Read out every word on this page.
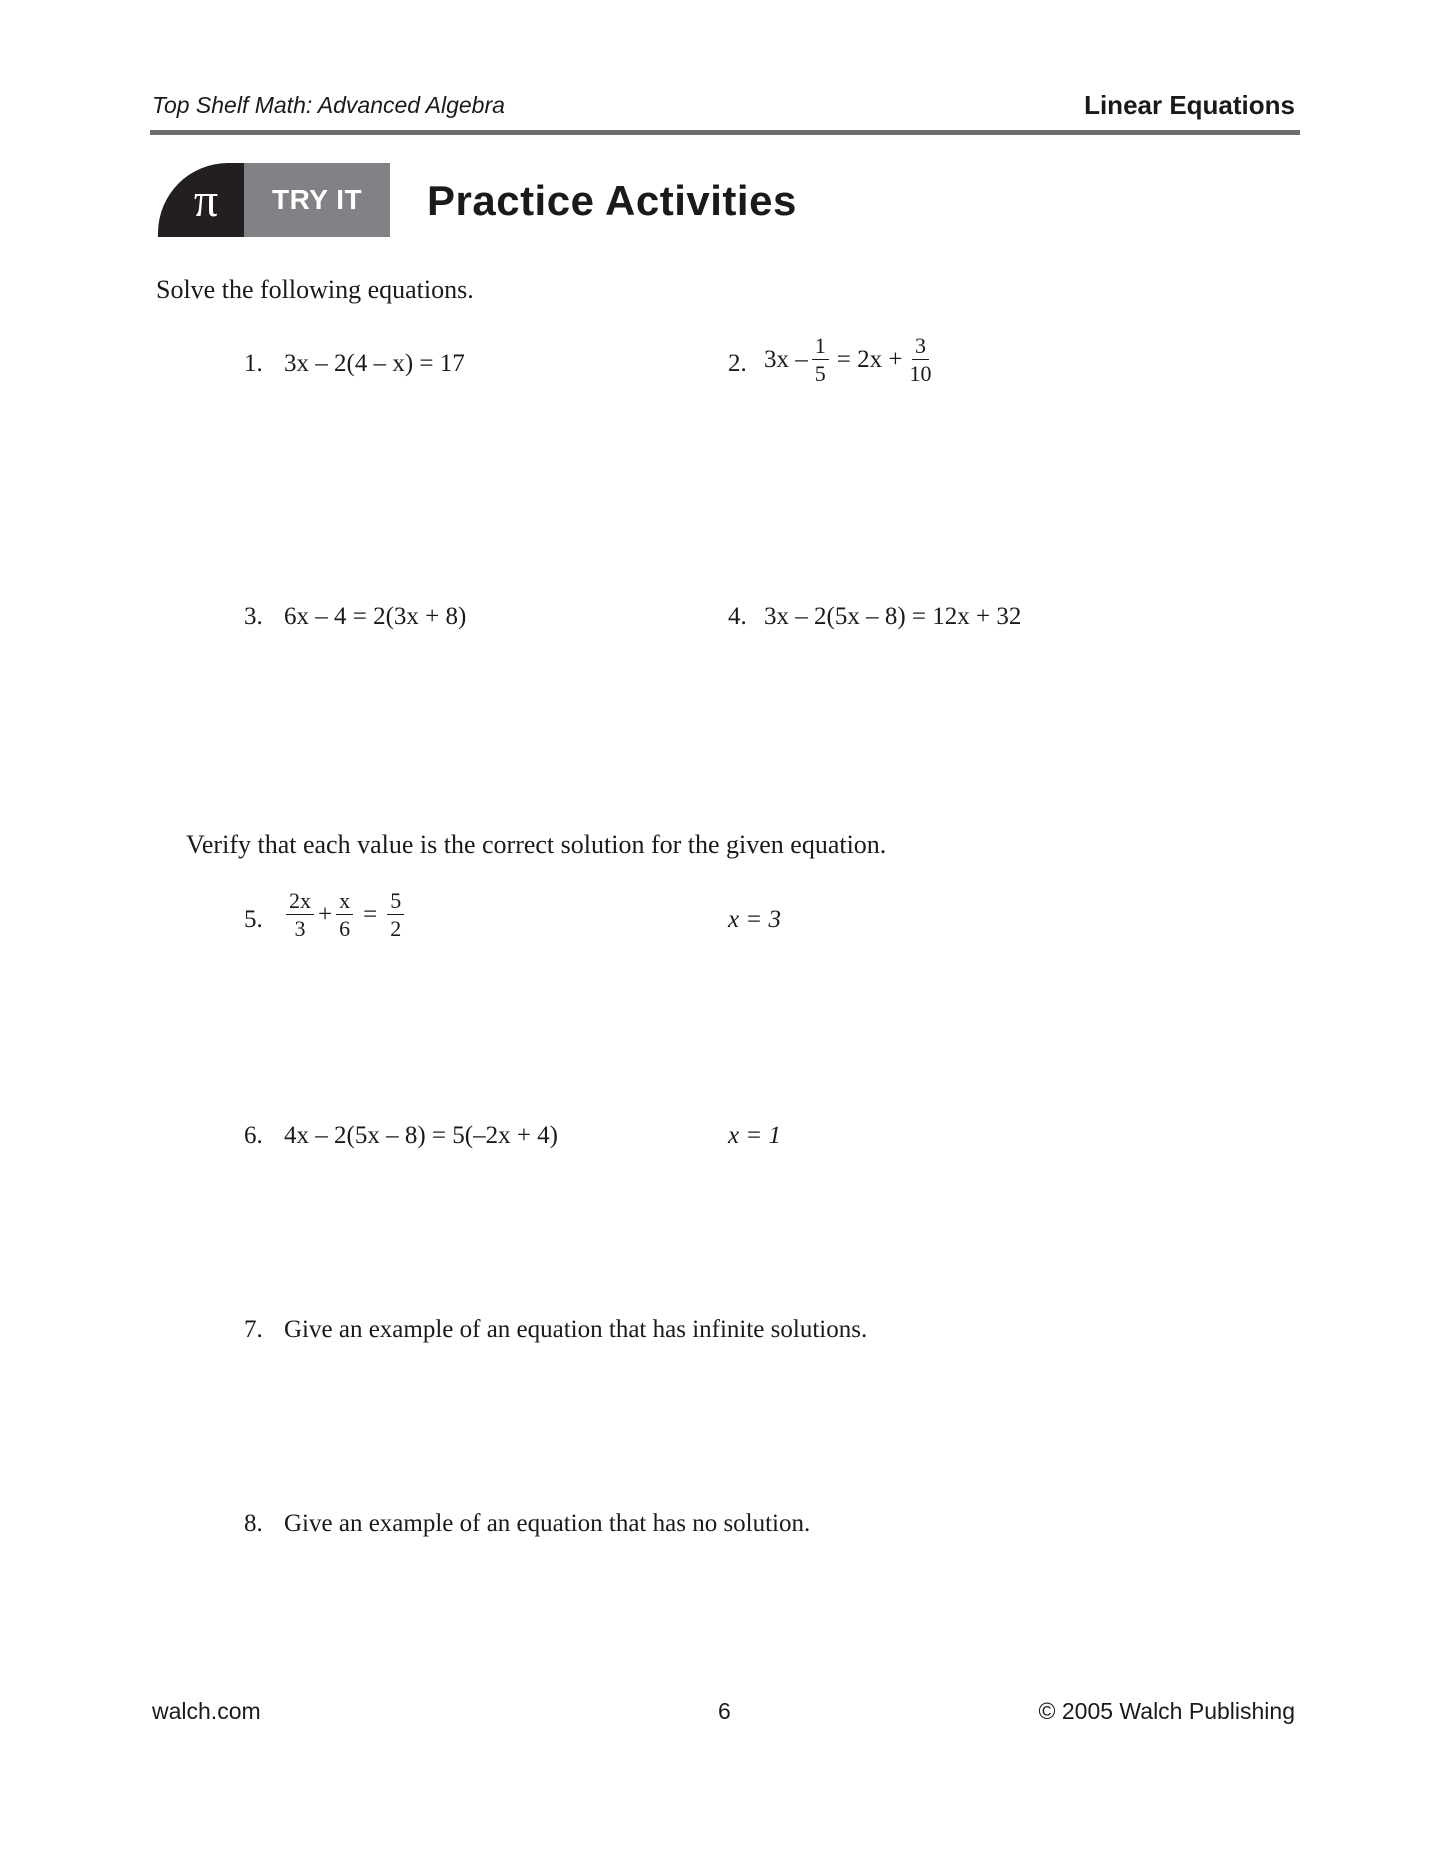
Top Shelf Math: Advanced Algebra	Linear Equations
π	TRY IT	Practice Activities
Solve the following equations.
1. 3x – 2(4 – x) = 17	2. $3x - \frac{1}{5} = 2x + \frac{3}{10}$
3. 6x – 4 = 2(3x + 8)	4. 3x – 2(5x – 8) = 12x + 32
Verify that each value is the correct solution for the given equation.
5. $\frac{2x}{3} + \frac{x}{6} = \frac{5}{2}$	x = 3
6. 4x – 2(5x – 8) = 5(–2x + 4)	x = 1
7. Give an example of an equation that has infinite solutions.
8. Give an example of an equation that has no solution.
walch.com	6	© 2005 Walch Publishing
